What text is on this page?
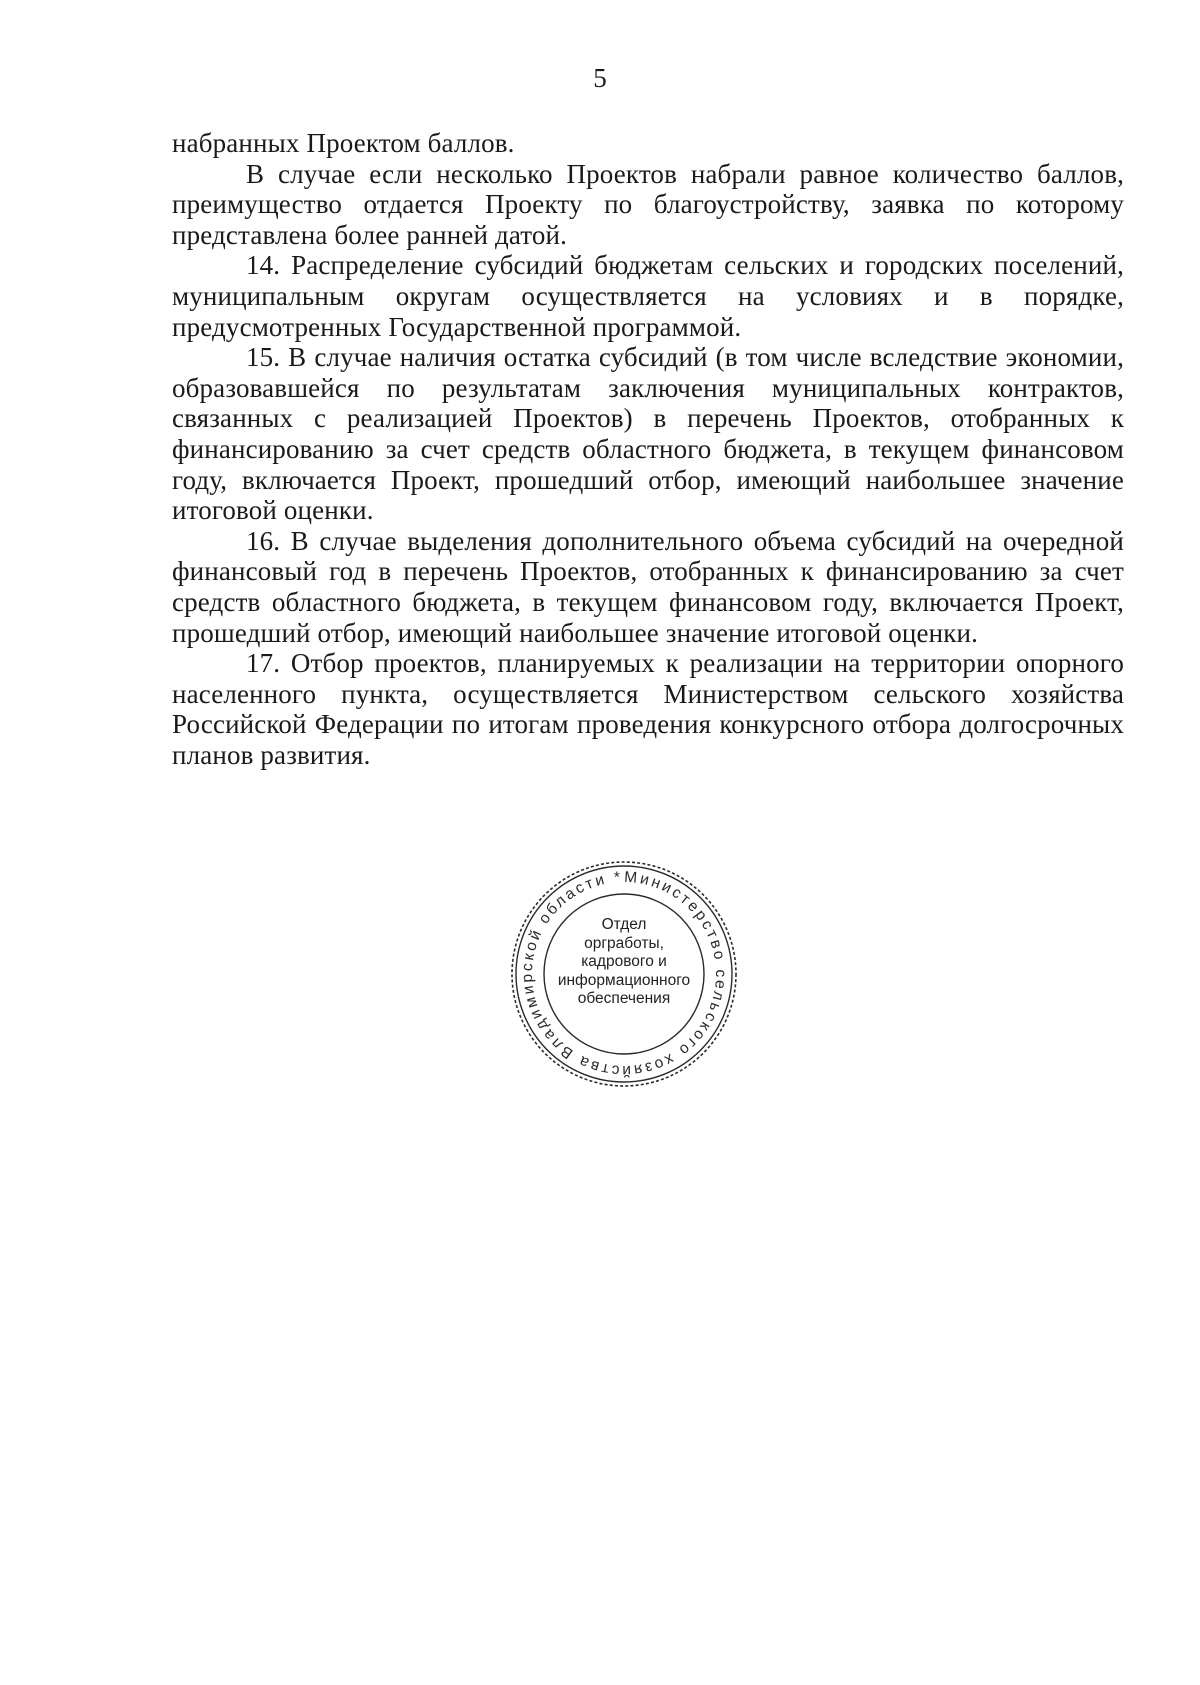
5

набранных Проектом баллов.

В случае если несколько Проектов набрали равное количество баллов, преимущество отдается Проекту по благоустройству, заявка по которому представлена более ранней датой.

14. Распределение субсидий бюджетам сельских и городских поселений, муниципальным округам осуществляется на условиях и в порядке, предусмотренных Государственной программой.

15. В случае наличия остатка субсидий (в том числе вследствие экономии, образовавшейся по результатам заключения муниципальных контрактов, связанных с реализацией Проектов) в перечень Проектов, отобранных к финансированию за счет средств областного бюджета, в текущем финансовом году, включается Проект, прошедший отбор, имеющий наибольшее значение итоговой оценки.

16. В случае выделения дополнительного объема субсидий на очередной финансовый год в перечень Проектов, отобранных к финансированию за счет средств областного бюджета, в текущем финансовом году, включается Проект, прошедший отбор, имеющий наибольшее значение итоговой оценки.

17. Отбор проектов, планируемых к реализации на территории опорного населенного пункта, осуществляется Министерством сельского хозяйства Российской Федерации по итогам проведения конкурсного отбора долгосрочных планов развития.

Министерство сельского хозяйства Владимирской области *
Отдел
оргработы,
кадрового и
информационного
обеспечения
